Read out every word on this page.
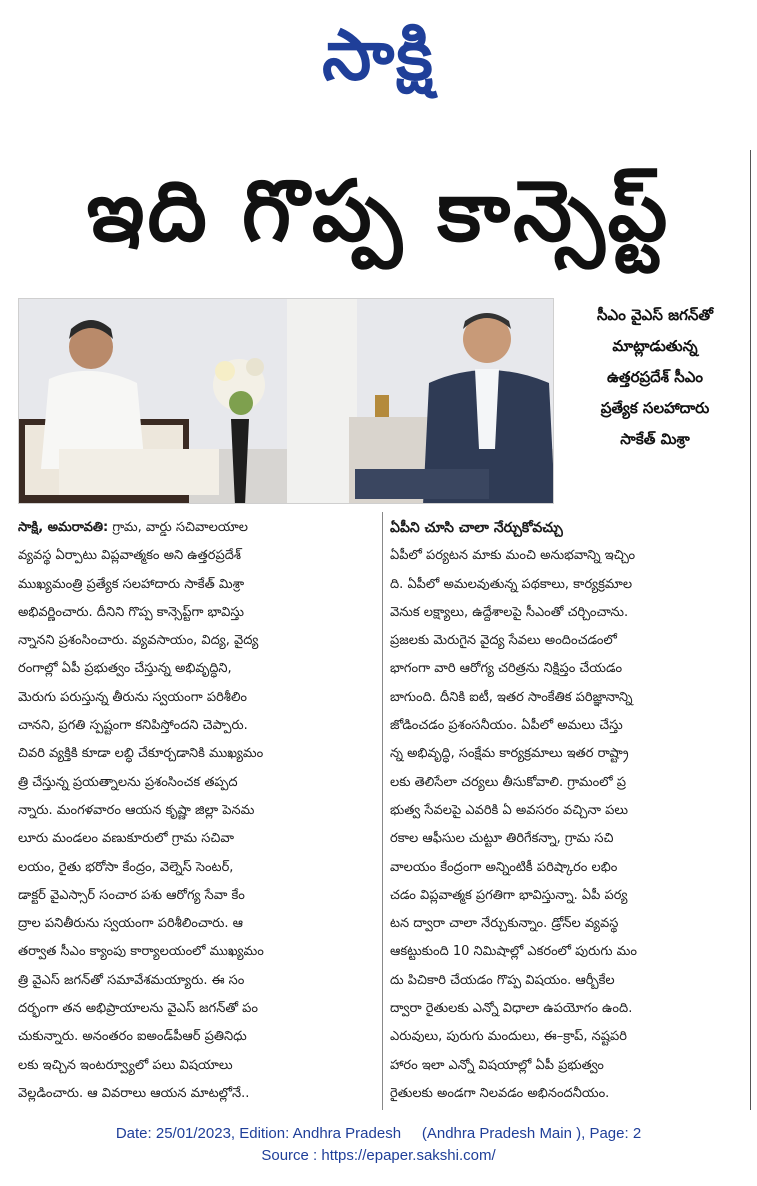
సాక్షి
ఇది గొప్ప కాన్సెప్ట్‌
సీఎం వైఎస్‌ జగన్‌తో
మాట్లాడుతున్న
ఉత్తరప్రదేశ్‌ సీఎం
ప్రత్యేక సలహాదారు
సాకేత్‌ మిశ్రా
సాక్షి, అమరావతి: గ్రామ, వార్డు సచివాలయాల
వ్యవస్థ ఏర్పాటు విప్లవాత్మకం అని ఉత్తరప్రదేశ్‌
ముఖ్యమంత్రి ప్రత్యేక సలహాదారు సాకేత్‌ మిశ్రా
అభివర్ణించారు. దీనిని గొప్ప కాన్సెప్ట్‌గా భావిస్తు
న్నానని ప్రశంసించారు. వ్యవసాయం, విద్య, వైద్య
రంగాల్లో ఏపీ ప్రభుత్వం చేస్తున్న అభివృద్ధిని,
మెరుగు పరుస్తున్న తీరును స్వయంగా పరిశీలిం
చానని, ప్రగతి స్పష్టంగా కనిపిస్తోందని చెప్పారు.
చివరి వ్యక్తికి కూడా లబ్ధి చేకూర్చడానికి ముఖ్యమం
త్రి చేస్తున్న ప్రయత్నాలను ప్రశంసించక తప్పద
న్నారు. మంగళవారం ఆయన కృష్ణా జిల్లా పెనమ
లూరు మండలం వణుకూరులో గ్రామ సచివా
లయం, రైతు భరోసా కేంద్రం, వెల్నెస్‌ సెంటర్‌,
డాక్టర్‌ వైఎస్సార్‌ సంచార పశు ఆరోగ్య సేవా కేం
ద్రాల పనితీరును స్వయంగా పరిశీలించారు. ఆ
తర్వాత సీఎం క్యాంపు కార్యాలయంలో ముఖ్యమం
త్రి వైఎస్‌ జగన్‌తో సమావేశమయ్యారు. ఈ సం
దర్భంగా తన అభిప్రాయాలను వైఎస్‌ జగన్‌తో పం
చుకున్నారు. అనంతరం ఐఅండ్‌పీఆర్‌ ప్రతినిధు
లకు ఇచ్చిన ఇంటర్వ్యూలో పలు విషయాలు
వెల్లడించారు. ఆ వివరాలు ఆయన మాటల్లోనే..
ఏపీని చూసి చాలా నేర్చుకోవచ్చు
ఏపీలో పర్యటన మాకు మంచి అనుభవాన్ని ఇచ్చిం
ది. ఏపీలో అమలవుతున్న పథకాలు, కార్యక్రమాల
వెనుక లక్ష్యాలు, ఉద్దేశాలపై సీఎంతో చర్చించాను.
ప్రజలకు మెరుగైన వైద్య సేవలు అందించడంలో
భాగంగా వారి ఆరోగ్య చరిత్రను నిక్షిప్తం చేయడం
బాగుంది. దీనికి ఐటీ, ఇతర సాంకేతిక పరిజ్ఞానాన్ని
జోడించడం ప్రశంసనీయం. ఏపీలో అమలు చేస్తు
న్న అభివృద్ధి, సంక్షేమ కార్యక్రమాలు ఇతర రాష్ట్రా
లకు తెలిసేలా చర్యలు తీసుకోవాలి. గ్రామంలో ప్ర
భుత్వ సేవలపై ఎవరికి ఏ అవసరం వచ్చినా పలు
రకాల ఆఫీసుల చుట్టూ తిరిగేకన్నా, గ్రామ సచి
వాలయం కేంద్రంగా అన్నింటికీ పరిష్కారం లభిం
చడం విప్లవాత్మక ప్రగతిగా భావిస్తున్నా. ఏపీ పర్య
టన ద్వారా చాలా నేర్చుకున్నాం. డ్రోన్‌ల వ్యవస్థ
ఆకట్టుకుంది 10 నిమిషాల్లో ఎకరంలో పురుగు మం
దు పిచికారి చేయడం గొప్ప విషయం. ఆర్బీకేల
ద్వారా రైతులకు ఎన్నో విధాలా ఉపయోగం ఉంది.
ఎరువులు, పురుగు మందులు, ఈ–క్రాప్‌, నష్టపరి
హారం ఇలా ఎన్నో విషయాల్లో ఏపీ ప్రభుత్వం
రైతులకు అండగా నిలవడం అభినందనీయం.
Date: 25/01/2023, Edition: Andhra Pradesh     (Andhra Pradesh Main ), Page: 2
Source : https://epaper.sakshi.com/
